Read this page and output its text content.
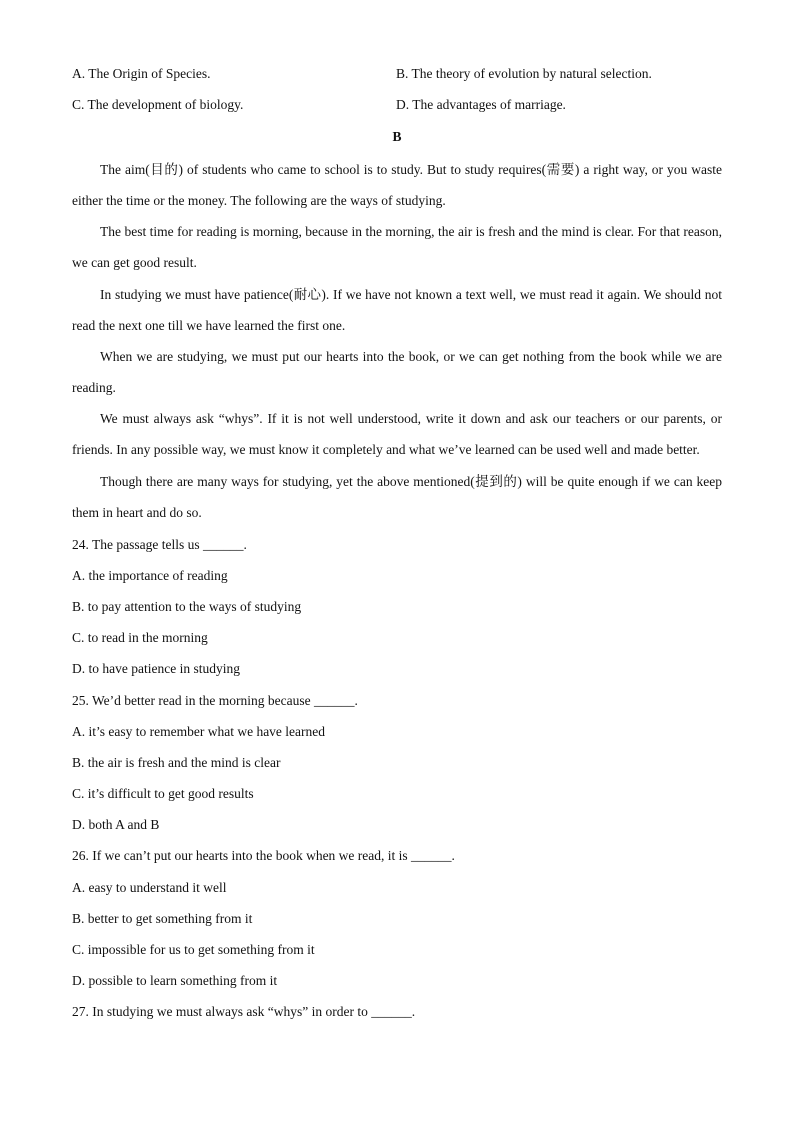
A. The Origin of Species.	B. The theory of evolution by natural selection.
C. The development of biology.	D. The advantages of marriage.
B

The aim(目的) of students who came to school is to study. But to study requires(需要) a right way, or you waste either the time or the money. The following are the ways of studying.

The best time for reading is morning, because in the morning, the air is fresh and the mind is clear. For that reason, we can get good result.

In studying we must have patience(耐心). If we have not known a text well, we must read it again. We should not read the next one till we have learned the first one.

When we are studying, we must put our hearts into the book, or we can get nothing from the book while we are reading.

We must always ask “whys”. If it is not well understood, write it down and ask our teachers or our parents, or friends. In any possible way, we must know it completely and what we’ve learned can be used well and made better.

Though there are many ways for studying, yet the above mentioned(提到的) will be quite enough if we can keep them in heart and do so.

24. The passage tells us ______.
A. the importance of reading
B. to pay attention to the ways of studying
C. to read in the morning
D. to have patience in studying
25. We’d better read in the morning because ______.
A. it’s easy to remember what we have learned
B. the air is fresh and the mind is clear
C. it’s difficult to get good results
D. both A and B
26. If we can’t put our hearts into the book when we read, it is ______.
A. easy to understand it well
B. better to get something from it
C. impossible for us to get something from it
D. possible to learn something from it
27. In studying we must always ask “whys” in order to ______.
